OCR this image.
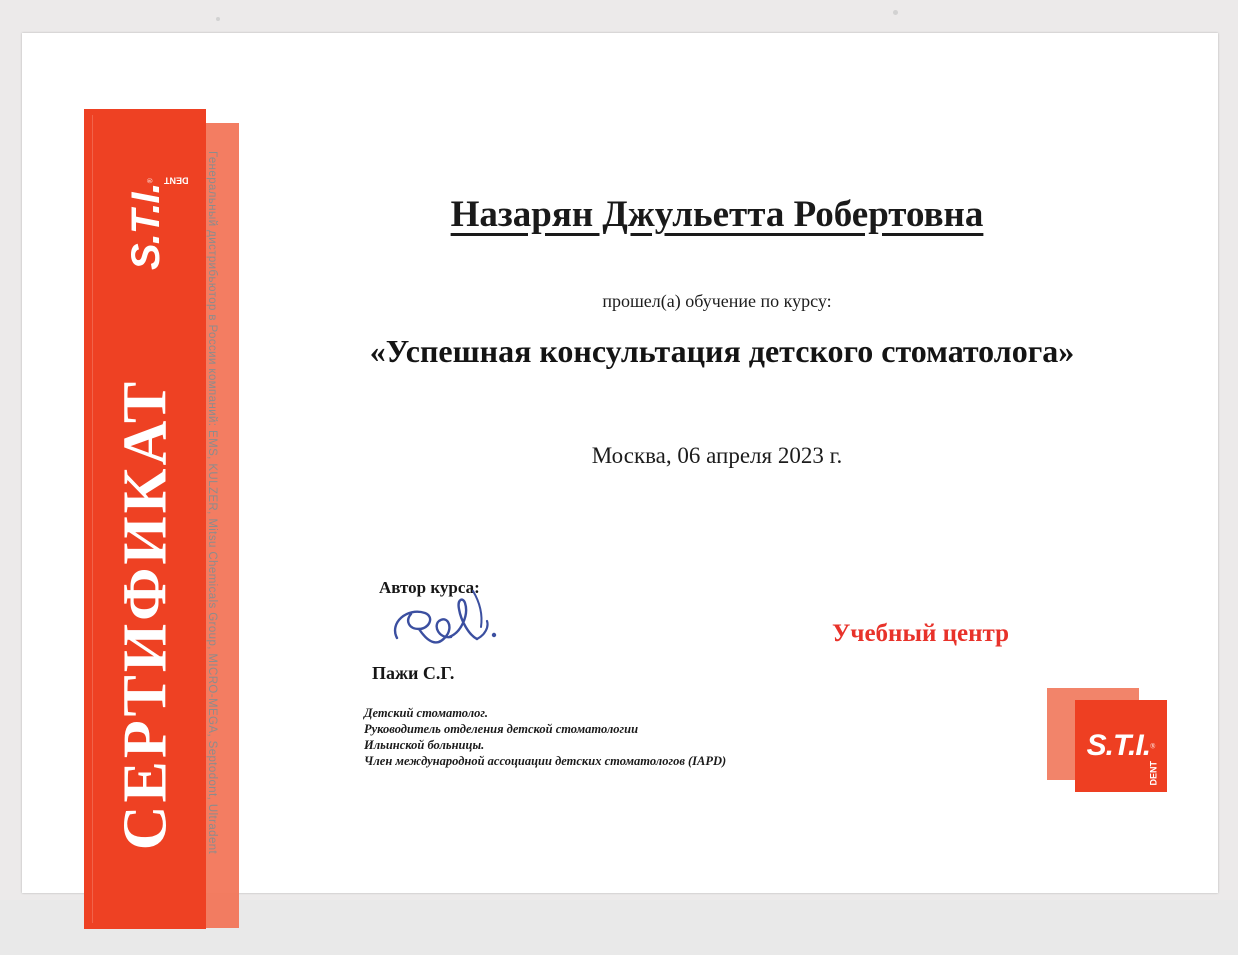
S.T.I.® DENT
СЕРТИФИКАТ Генеральный дистрибьютор в России компаний: EMS, KULZER, Mitsu Chemicals Group, MICRO-MEGA, Septodont, Ultradent	Назарян Джульетта Робертовна
прошел(а) обучение по курсу:
«Успешная консультация детского стоматолога»
Москва, 06 апреля 2023 г.
Автор курса:
Пажи С.Г.
Детский стоматолог.
Руководитель отделения детской стоматологии
Ильинской больницы.
Член международной ассоциации детских стоматологов (IAPD)
Учебный центр
S.T.I.®
DENT
